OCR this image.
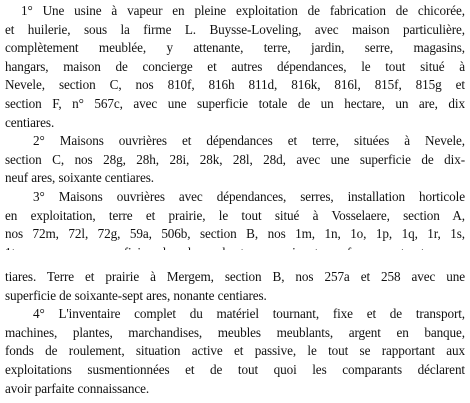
1° Une usine à vapeur en pleine exploitation de fabrication de chicorée,
et huilerie, sous la firme L. Buysse-Loveling, avec maison particulière,
complètement meublée, y attenante, terre, jardin, serre, magasins,
hangars, maison de concierge et autres dépendances, le tout situé à
Nevele, section C, nos 810f, 816h 811d, 816k, 816l, 815f, 815g et
section F, n° 567c, avec une superficie totale de un hectare, un are, dix
centiares.
2° Maisons ouvrières et dépendances et terre, situées à Nevele,
section C, nos 28g, 28h, 28i, 28k, 28l, 28d, avec une superficie de dix-
neuf ares, soixante centiares.
3° Maisons ouvrières avec dépendances, serres, installation horticole
en exploitation, terre et prairie, le tout situé à Vosselaere, section A,
nos 72m, 72l, 72g, 59a, 506b, section B, nos 1m, 1n, 1o, 1p, 1q, 1r, 1s,
tiares. Terre et prairie à Mergem, section B, nos 257a et 258 avec une
superficie de soixante-sept ares, nonante centiares.
4° L'inventaire complet du matériel tournant, fixe et de transport,
machines, plantes, marchandises, meubles meublants, argent en banque,
fonds de roulement, situation active et passive, le tout se rapportant aux
exploitations susmentionnées et de tout quoi les comparants déclarent
avoir parfaite connaissance.
